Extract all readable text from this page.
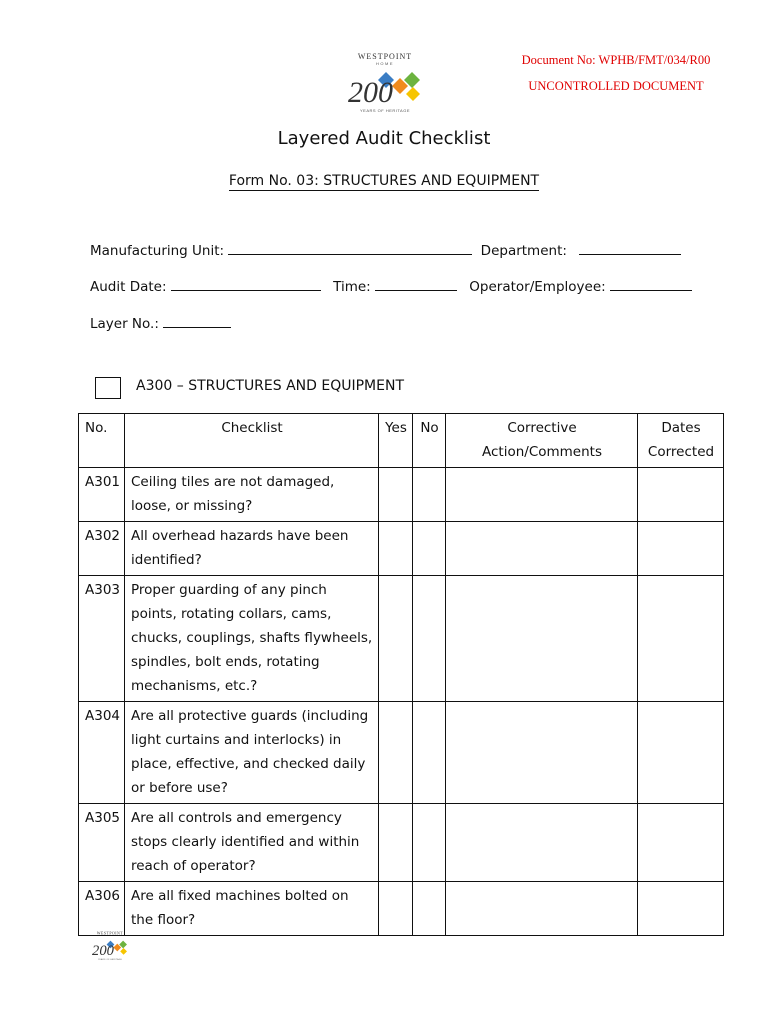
WESTPOINT
HOME
200
YEARS OF HERITAGE
Document No: WPHB/FMT/034/R00
UNCONTROLLED DOCUMENT
Layered Audit Checklist
Form No. 03: STRUCTURES AND EQUIPMENT
Manufacturing Unit:	Department:
Audit Date:	Time:	Operator/Employee:
Layer No.:
A300 – STRUCTURES AND EQUIPMENT
No.	Checklist	Yes	No	Corrective Action/Comments	Dates Corrected
A301	Ceiling tiles are not damaged, loose, or missing?				
A302	All overhead hazards have been identified?				
A303	Proper guarding of any pinch points, rotating collars, cams, chucks, couplings, shafts flywheels, spindles, bolt ends, rotating mechanisms, etc.?				
A304	Are all protective guards (including light curtains and interlocks) in place, effective, and checked daily or before use?				
A305	Are all controls and emergency stops clearly identified and within reach of operator?				
A306	Are all fixed machines bolted on the floor?				
WESTPOINT
200
YEARS OF HERITAGE
